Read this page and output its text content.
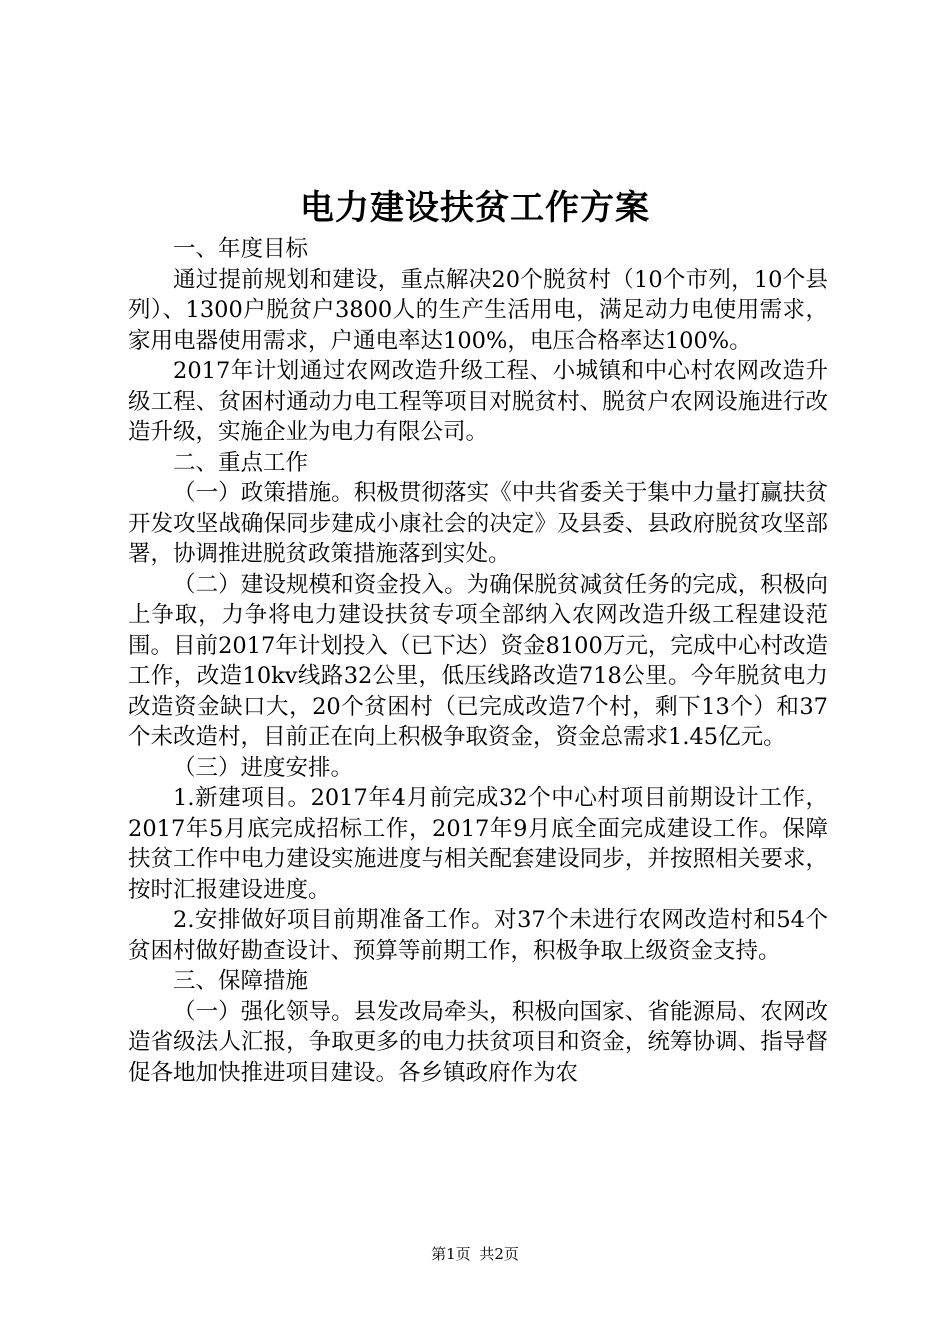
电力建设扶贫工作方案

一、年度目标

通过提前规划和建设，重点解决20个脱贫村（10个市列，10个县列）、1300户脱贫户3800人的生产生活用电，满足动力电使用需求，家用电器使用需求，户通电率达100%，电压合格率达100%。

2017年计划通过农网改造升级工程、小城镇和中心村农网改造升级工程、贫困村通动力电工程等项目对脱贫村、脱贫户农网设施进行改造升级，实施企业为电力有限公司。

二、重点工作

（一）政策措施。积极贯彻落实《中共省委关于集中力量打赢扶贫开发攻坚战确保同步建成小康社会的决定》及县委、县政府脱贫攻坚部署，协调推进脱贫政策措施落到实处。

（二）建设规模和资金投入。为确保脱贫减贫任务的完成，积极向上争取，力争将电力建设扶贫专项全部纳入农网改造升级工程建设范围。目前2017年计划投入（已下达）资金8100万元，完成中心村改造工作，改造10kv线路32公里，低压线路改造718公里。今年脱贫电力改造资金缺口大，20个贫困村（已完成改造7个村，剩下13个）和37个未改造村，目前正在向上积极争取资金，资金总需求1.45亿元。

（三）进度安排。

1.新建项目。2017年4月前完成32个中心村项目前期设计工作，2017年5月底完成招标工作，2017年9月底全面完成建设工作。保障扶贫工作中电力建设实施进度与相关配套建设同步，并按照相关要求，按时汇报建设进度。

2.安排做好项目前期准备工作。对37个未进行农网改造村和54个贫困村做好勘查设计、预算等前期工作，积极争取上级资金支持。

三、保障措施

（一）强化领导。县发改局牵头，积极向国家、省能源局、农网改造省级法人汇报，争取更多的电力扶贫项目和资金，统筹协调、指导督促各地加快推进项目建设。各乡镇政府作为农

第1页 共2页
